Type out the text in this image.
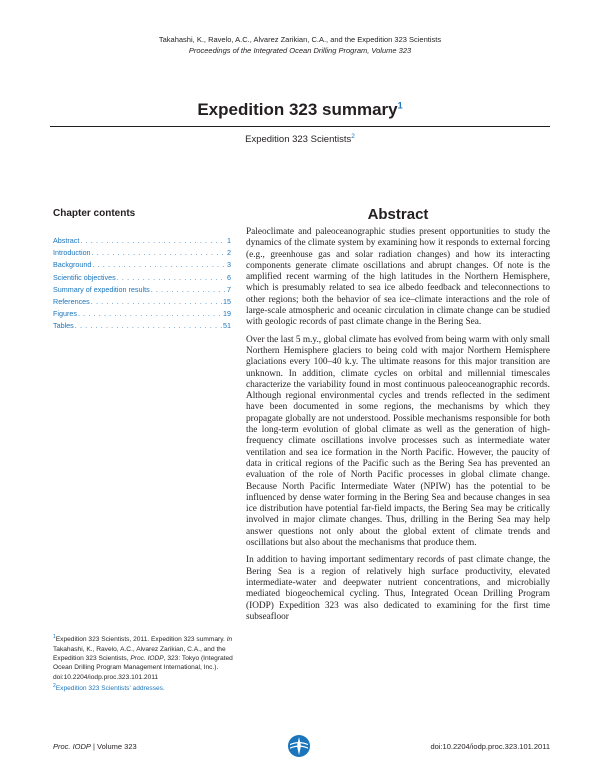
Takahashi, K., Ravelo, A.C., Alvarez Zarikian, C.A., and the Expedition 323 Scientists
Proceedings of the Integrated Ocean Drilling Program, Volume 323
Expedition 323 summary$^1$
Expedition 323 Scientists$^2$
Chapter contents
Abstract . . .	1
Introduction . . .	2
Background . . .	3
Scientific objectives . . .	6
Summary of expedition results . . .	7
References . . .	15
Figures . . .	19
Tables . . .	51
Abstract

Paleoclimate and paleoceanographic studies present opportunities to study the dynamics of the climate system by examining how it responds to external forcing (e.g., greenhouse gas and solar radiation changes) and how its interacting components generate climate oscillations and abrupt changes. Of note is the amplified recent warming of the high latitudes in the Northern Hemisphere, which is presumably related to sea ice albedo feedback and teleconnections to other regions; both the behavior of sea ice–climate interactions and the role of large-scale atmospheric and oceanic circulation in climate change can be studied with geologic records of past climate change in the Bering Sea.

Over the last 5 m.y., global climate has evolved from being warm with only small Northern Hemisphere glaciers to being cold with major Northern Hemisphere glaciations every 100–40 k.y. The ultimate reasons for this major transition are unknown. In addition, climate cycles on orbital and millennial timescales characterize the variability found in most continuous paleoceanographic records. Although regional environmental cycles and trends reflected in the sediment have been documented in some regions, the mechanisms by which they propagate globally are not understood. Possible mechanisms responsible for both the long-term evolution of global climate as well as the generation of high-frequency climate oscillations involve processes such as intermediate water ventilation and sea ice formation in the North Pacific. However, the paucity of data in critical regions of the Pacific such as the Bering Sea has prevented an evaluation of the role of North Pacific processes in global climate change. Because North Pacific Intermediate Water (NPIW) has the potential to be influenced by dense water forming in the Bering Sea and because changes in sea ice distribution have potential far-field impacts, the Bering Sea may be critically involved in major climate changes. Thus, drilling in the Bering Sea may help answer questions not only about the global extent of climate trends and oscillations but also about the mechanisms that produce them.

In addition to having important sedimentary records of past climate change, the Bering Sea is a region of relatively high surface productivity, elevated intermediate-water and deepwater nutrient concentrations, and microbially mediated biogeochemical cycling. Thus, Integrated Ocean Drilling Program (IODP) Expedition 323 was also dedicated to examining for the first time subseafloor

$^1$Expedition 323 Scientists, 2011. Expedition 323 summary. In Takahashi, K., Ravelo, A.C., Alvarez Zarikian, C.A., and the Expedition 323 Scientists, Proc. IODP, 323: Tokyo (Integrated Ocean Drilling Program Management International, Inc.).
doi:10.2204/iodp.proc.323.101.2011
$^2$Expedition 323 Scientists' addresses.
Proc. IODP | Volume 323	doi:10.2204/iodp.proc.323.101.2011
